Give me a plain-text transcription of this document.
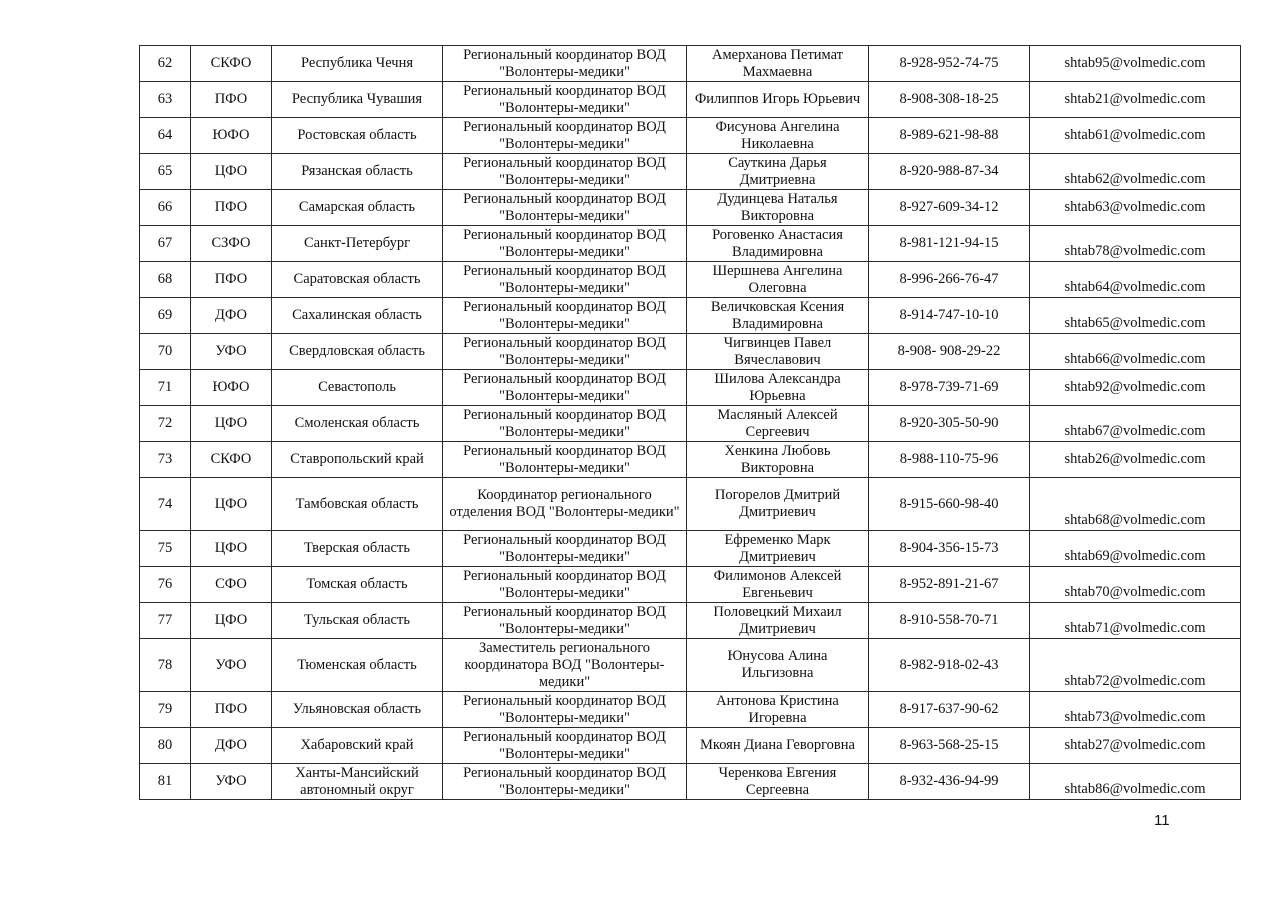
62	СКФО	Республика Чечня	Региональный координатор ВОД "Волонтеры-медики"	Амерханова Петимат Махмаевна	8-928-952-74-75	shtab95@volmedic.com
63	ПФО	Республика Чувашия	Региональный координатор ВОД "Волонтеры-медики"	Филиппов Игорь Юрьевич	8-908-308-18-25	shtab21@volmedic.com
64	ЮФО	Ростовская область	Региональный координатор ВОД "Волонтеры-медики"	Фисунова Ангелина Николаевна	8-989-621-98-88	shtab61@volmedic.com
65	ЦФО	Рязанская область	Региональный координатор ВОД "Волонтеры-медики"	Сауткина Дарья Дмитриевна	8-920-988-87-34	shtab62@volmedic.com
66	ПФО	Самарская область	Региональный координатор ВОД "Волонтеры-медики"	Дудинцева Наталья Викторовна	8-927-609-34-12	shtab63@volmedic.com
67	СЗФО	Санкт-Петербург	Региональный координатор ВОД "Волонтеры-медики"	Роговенко Анастасия Владимировна	8-981-121-94-15	shtab78@volmedic.com
68	ПФО	Саратовская область	Региональный координатор ВОД "Волонтеры-медики"	Шершнева Ангелина Олеговна	8-996-266-76-47	shtab64@volmedic.com
69	ДФО	Сахалинская область	Региональный координатор ВОД "Волонтеры-медики"	Величковская Ксения Владимировна	8-914-747-10-10	shtab65@volmedic.com
70	УФО	Свердловская область	Региональный координатор ВОД "Волонтеры-медики"	Чигвинцев Павел Вячеславович	8-908- 908-29-22	shtab66@volmedic.com
71	ЮФО	Севастополь	Региональный координатор ВОД "Волонтеры-медики"	Шилова Александра Юрьевна	8-978-739-71-69	shtab92@volmedic.com
72	ЦФО	Смоленская область	Региональный координатор ВОД "Волонтеры-медики"	Масляный Алексей Сергеевич	8-920-305-50-90	shtab67@volmedic.com
73	СКФО	Ставропольский край	Региональный координатор ВОД "Волонтеры-медики"	Хенкина Любовь Викторовна	8-988-110-75-96	shtab26@volmedic.com
74	ЦФО	Тамбовская область	Координатор регионального отделения ВОД "Волонтеры-медики"	Погорелов Дмитрий Дмитриевич	8-915-660-98-40	shtab68@volmedic.com
75	ЦФО	Тверская область	Региональный координатор ВОД "Волонтеры-медики"	Ефременко Марк Дмитриевич	8-904-356-15-73	shtab69@volmedic.com
76	СФО	Томская область	Региональный координатор ВОД "Волонтеры-медики"	Филимонов Алексей Евгеньевич	8-952-891-21-67	shtab70@volmedic.com
77	ЦФО	Тульская область	Региональный координатор ВОД "Волонтеры-медики"	Половецкий Михаил Дмитриевич	8-910-558-70-71	shtab71@volmedic.com
78	УФО	Тюменская область	Заместитель регионального координатора ВОД "Волонтеры-медики"	Юнусова Алина Ильгизовна	8-982-918-02-43	shtab72@volmedic.com
79	ПФО	Ульяновская область	Региональный координатор ВОД "Волонтеры-медики"	Антонова Кристина Игоревна	8-917-637-90-62	shtab73@volmedic.com
80	ДФО	Хабаровский край	Региональный координатор ВОД "Волонтеры-медики"	Мкоян Диана Геворговна	8-963-568-25-15	shtab27@volmedic.com
81	УФО	Ханты-Мансийский автономный округ	Региональный координатор ВОД "Волонтеры-медики"	Черенкова Евгения Сергеевна	8-932-436-94-99	shtab86@volmedic.com
11
